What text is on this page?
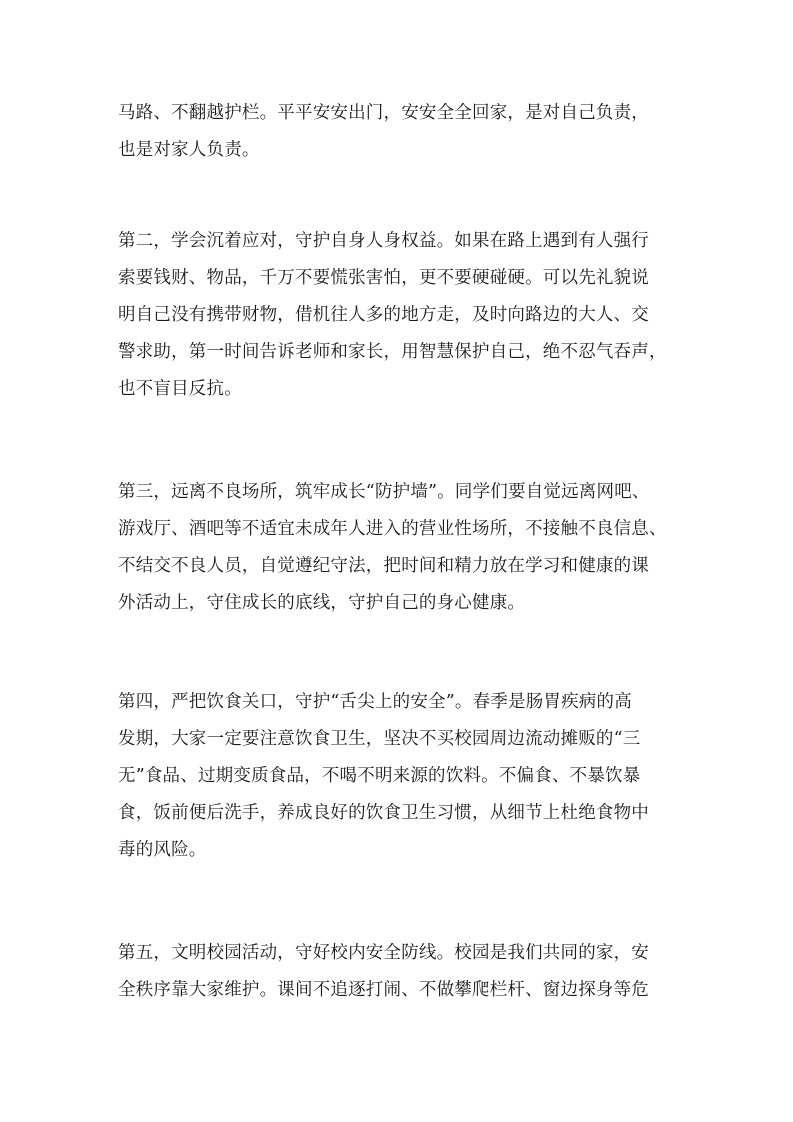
马路、不翻越护栏。平平安安出门，安安全全回家，是对自己负责，
也是对家人负责。

第二，学会沉着应对，守护自身人身权益。如果在路上遇到有人强行
索要钱财、物品，千万不要慌张害怕，更不要硬碰硬。可以先礼貌说
明自己没有携带财物，借机往人多的地方走，及时向路边的大人、交
警求助，第一时间告诉老师和家长，用智慧保护自己，绝不忍气吞声，
也不盲目反抗。

第三，远离不良场所，筑牢成长“防护墙”。同学们要自觉远离网吧、
游戏厅、酒吧等不适宜未成年人进入的营业性场所，不接触不良信息、
不结交不良人员，自觉遵纪守法，把时间和精力放在学习和健康的课
外活动上，守住成长的底线，守护自己的身心健康。

第四，严把饮食关口，守护“舌尖上的安全”。春季是肠胃疾病的高
发期，大家一定要注意饮食卫生，坚决不买校园周边流动摊贩的“三
无”食品、过期变质食品，不喝不明来源的饮料。不偏食、不暴饮暴
食，饭前便后洗手，养成良好的饮食卫生习惯，从细节上杜绝食物中
毒的风险。

第五，文明校园活动，守好校内安全防线。校园是我们共同的家，安
全秩序靠大家维护。课间不追逐打闹、不做攀爬栏杆、窗边探身等危
